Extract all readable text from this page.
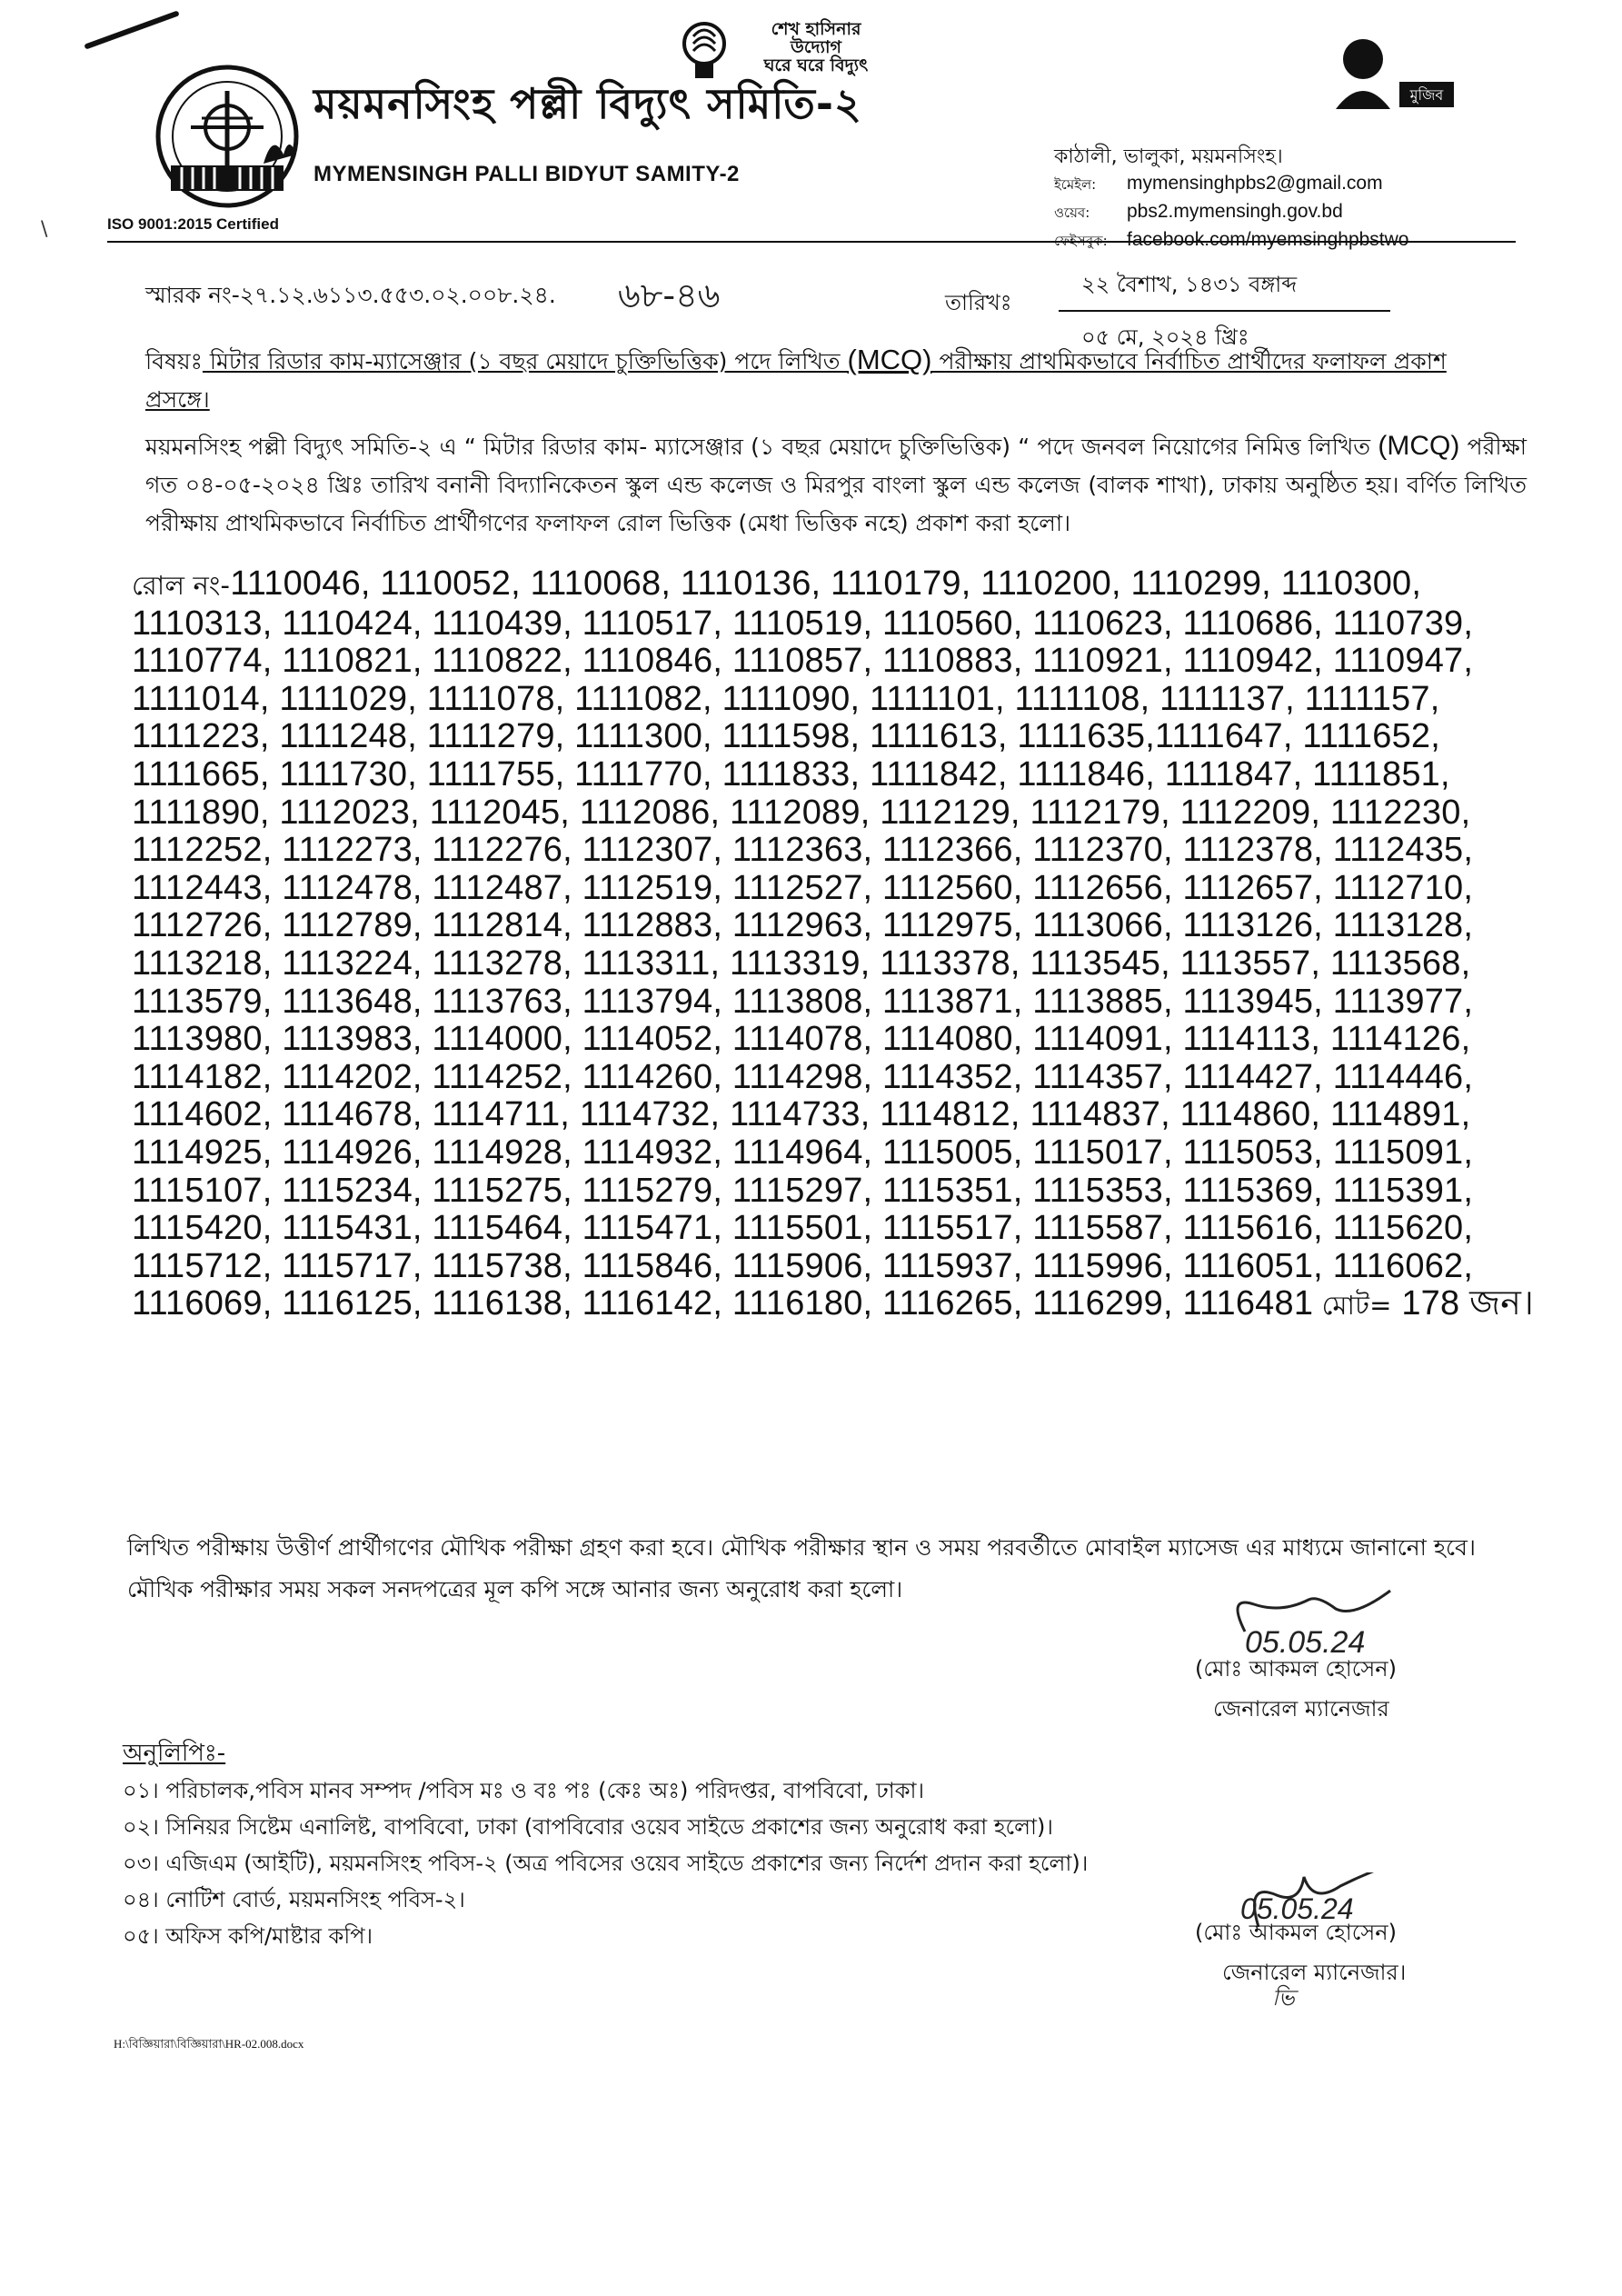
\
ময়মনসিংহ পল্লী বিদ্যুৎ সমিতি-২
MYMENSINGH PALLI BIDYUT SAMITY-2
ISO 9001:2015 Certified
শেখ হাসিনার
উদ্যোগ
ঘরে ঘরে বিদ্যুৎ
মুজিব
কাঠালী, ভালুকা, ময়মনসিংহ।
ইমেইল: mymensinghpbs2@gmail.com
ওয়েব: pbs2.mymensingh.gov.bd
ফেইসবুক: facebook.com/myemsinghpbstwo
স্মারক নং-২৭.১২.৬১১৩.৫৫৩.০২.০০৮.২৪. ৬৮-৪৬	তারিখঃ
২২ বৈশাখ, ১৪৩১ বঙ্গাব্দ
০৫ মে, ২০২৪ খ্রিঃ
বিষয়ঃ মিটার রিডার কাম-ম্যাসেঞ্জার (১ বছর মেয়াদে চুক্তিভিত্তিক) পদে লিখিত (MCQ) পরীক্ষায় প্রাথমিকভাবে নির্বাচিত প্রার্থীদের ফলাফল প্রকাশ প্রসঙ্গে।
ময়মনসিংহ পল্লী বিদ্যুৎ সমিতি-২ এ “ মিটার রিডার কাম- ম্যাসেঞ্জার (১ বছর মেয়াদে চুক্তিভিত্তিক) “ পদে জনবল নিয়োগের নিমিত্ত লিখিত (MCQ) পরীক্ষা গত ০৪-০৫-২০২৪ খ্রিঃ তারিখ বনানী বিদ্যানিকেতন স্কুল এন্ড কলেজ ও মিরপুর বাংলা স্কুল এন্ড কলেজ (বালক শাখা), ঢাকায় অনুষ্ঠিত হয়। বর্ণিত লিখিত পরীক্ষায় প্রাথমিকভাবে নির্বাচিত প্রার্থীগণের ফলাফল রোল ভিত্তিক (মেধা ভিত্তিক নহে) প্রকাশ করা হলো।
রোল নং-1110046, 1110052, 1110068, 1110136, 1110179, 1110200, 1110299, 1110300, 1110313, 1110424, 1110439, 1110517, 1110519, 1110560, 1110623, 1110686, 1110739, 1110774, 1110821, 1110822, 1110846, 1110857, 1110883, 1110921, 1110942, 1110947, 1111014, 1111029, 1111078, 1111082, 1111090, 1111101, 1111108, 1111137, 1111157, 1111223, 1111248, 1111279, 1111300, 1111598, 1111613, 1111635,1111647, 1111652, 1111665, 1111730, 1111755, 1111770, 1111833, 1111842, 1111846, 1111847, 1111851, 1111890, 1112023, 1112045, 1112086, 1112089, 1112129, 1112179, 1112209, 1112230, 1112252, 1112273, 1112276, 1112307, 1112363, 1112366, 1112370, 1112378, 1112435, 1112443, 1112478, 1112487, 1112519, 1112527, 1112560, 1112656, 1112657, 1112710, 1112726, 1112789, 1112814, 1112883, 1112963, 1112975, 1113066, 1113126, 1113128, 1113218, 1113224, 1113278, 1113311, 1113319, 1113378, 1113545, 1113557, 1113568, 1113579, 1113648, 1113763, 1113794, 1113808, 1113871, 1113885, 1113945, 1113977, 1113980, 1113983, 1114000, 1114052, 1114078, 1114080, 1114091, 1114113, 1114126, 1114182, 1114202, 1114252, 1114260, 1114298, 1114352, 1114357, 1114427, 1114446, 1114602, 1114678, 1114711, 1114732, 1114733, 1114812, 1114837, 1114860, 1114891, 1114925, 1114926, 1114928, 1114932, 1114964, 1115005, 1115017, 1115053, 1115091, 1115107, 1115234, 1115275, 1115279, 1115297, 1115351, 1115353, 1115369, 1115391, 1115420, 1115431, 1115464, 1115471, 1115501, 1115517, 1115587, 1115616, 1115620, 1115712, 1115717, 1115738, 1115846, 1115906, 1115937, 1115996, 1116051, 1116062, 1116069, 1116125, 1116138, 1116142, 1116180, 1116265, 1116299, 1116481 মোট= 178 জন।
লিখিত পরীক্ষায় উত্তীর্ণ প্রার্থীগণের মৌখিক পরীক্ষা গ্রহণ করা হবে। মৌখিক পরীক্ষার স্থান ও সময় পরবর্তীতে মোবাইল ম্যাসেজ এর মাধ্যমে জানানো হবে। মৌখিক পরীক্ষার সময় সকল সনদপত্রের মূল কপি সঙ্গে আনার জন্য অনুরোধ করা হলো।
05.05.24
(মোঃ আকমল হোসেন)
জেনারেল ম্যানেজার
অনুলিপিঃ-
০১। পরিচালক,পবিস মানব সম্পদ /পবিস মঃ ও বঃ পঃ (কেঃ অঃ) পরিদপ্তর, বাপবিবো, ঢাকা।
০২। সিনিয়র সিষ্টেম এনালিষ্ট, বাপবিবো, ঢাকা (বাপবিবোর ওয়েব সাইডে প্রকাশের জন্য অনুরোধ করা হলো)।
০৩। এজিএম (আইটি), ময়মনসিংহ পবিস-২ (অত্র পবিসের ওয়েব সাইডে প্রকাশের জন্য নির্দেশ প্রদান করা হলো)।
০৪। নোটিশ বোর্ড, ময়মনসিংহ পবিস-২।
০৫। অফিস কপি/মাষ্টার কপি।
05.05.24
(মোঃ আকমল হোসেন)
জেনারেল ম্যানেজার।
ভি
H:\বিজ্ঞিয়ারা\বিজ্ঞিয়ারা\HR-02.008.docx
